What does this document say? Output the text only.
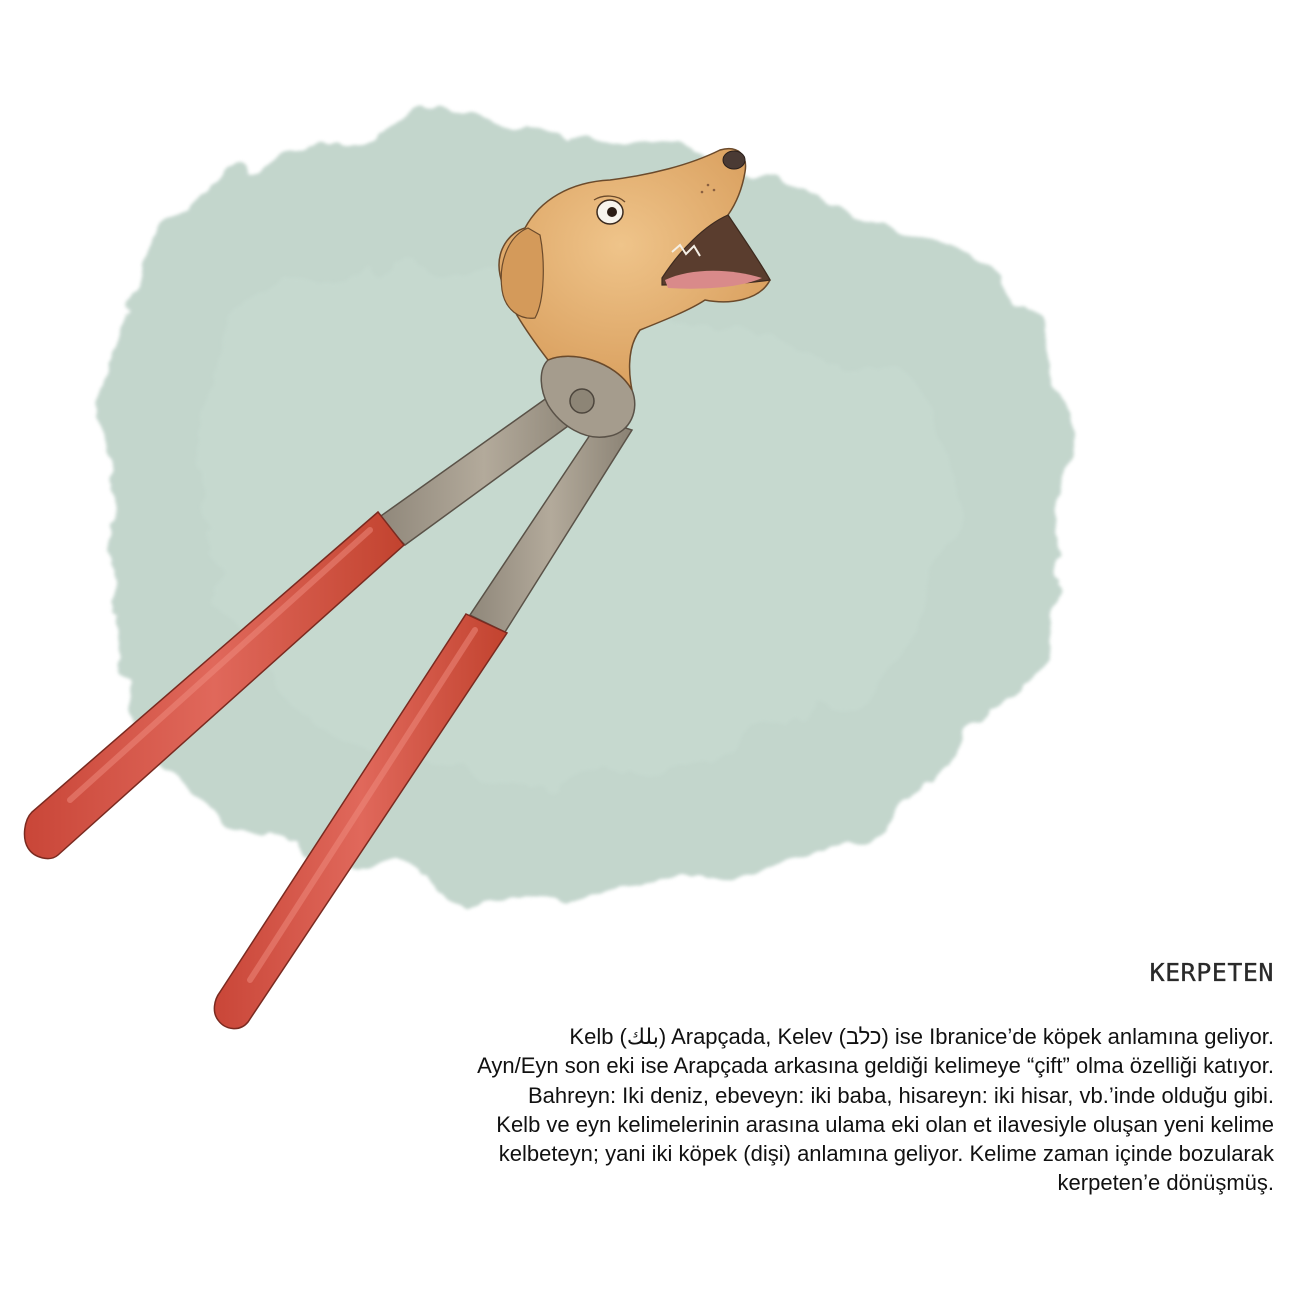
KERPETEN
Kelb (بلك) Arapçada, Kelev (כלב) ise Ibranice’de köpek anlamına geliyor.
Ayn/Eyn son eki ise Arapçada arkasına geldiği kelimeye “çift” olma özelliği katıyor.
Bahreyn: Iki deniz, ebeveyn: iki baba, hisareyn: iki hisar, vb.’inde olduğu gibi.
Kelb ve eyn kelimelerinin arasına ulama eki olan et ilavesiyle oluşan yeni kelime
kelbeteyn; yani iki köpek (dişi) anlamına geliyor. Kelime zaman içinde bozularak
kerpeten’e dönüşmüş.
